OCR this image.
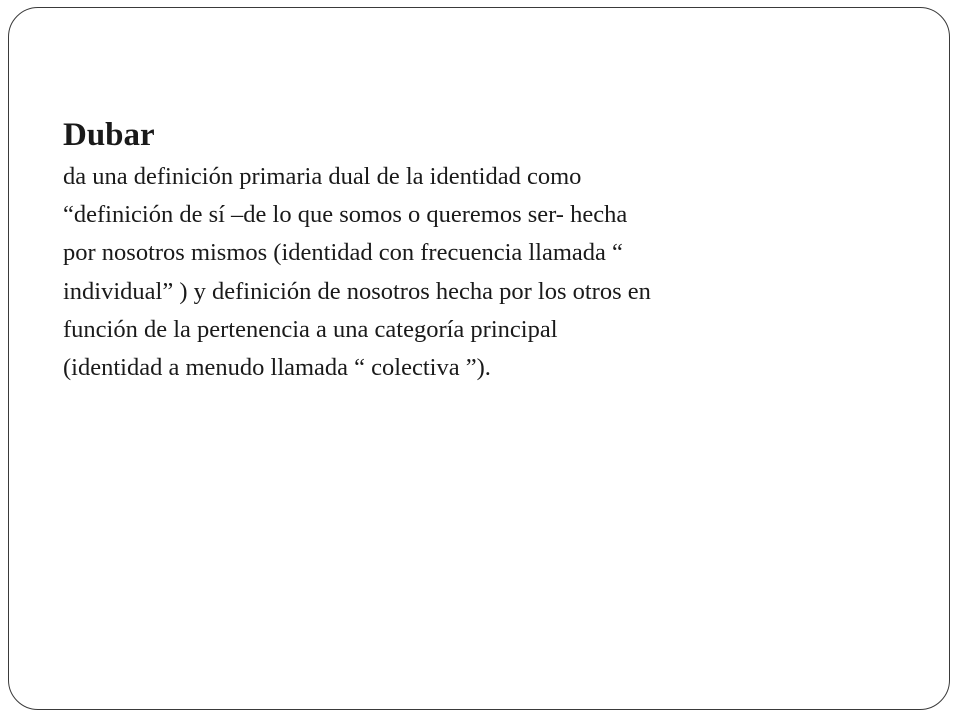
Dubar
da una definición primaria dual de la identidad como
“definición de sí –de lo que somos o queremos ser- hecha
por nosotros mismos (identidad con frecuencia llamada “
individual” ) y definición de nosotros hecha por los otros en
función de la pertenencia a una categoría principal
(identidad a menudo llamada “ colectiva ”).
